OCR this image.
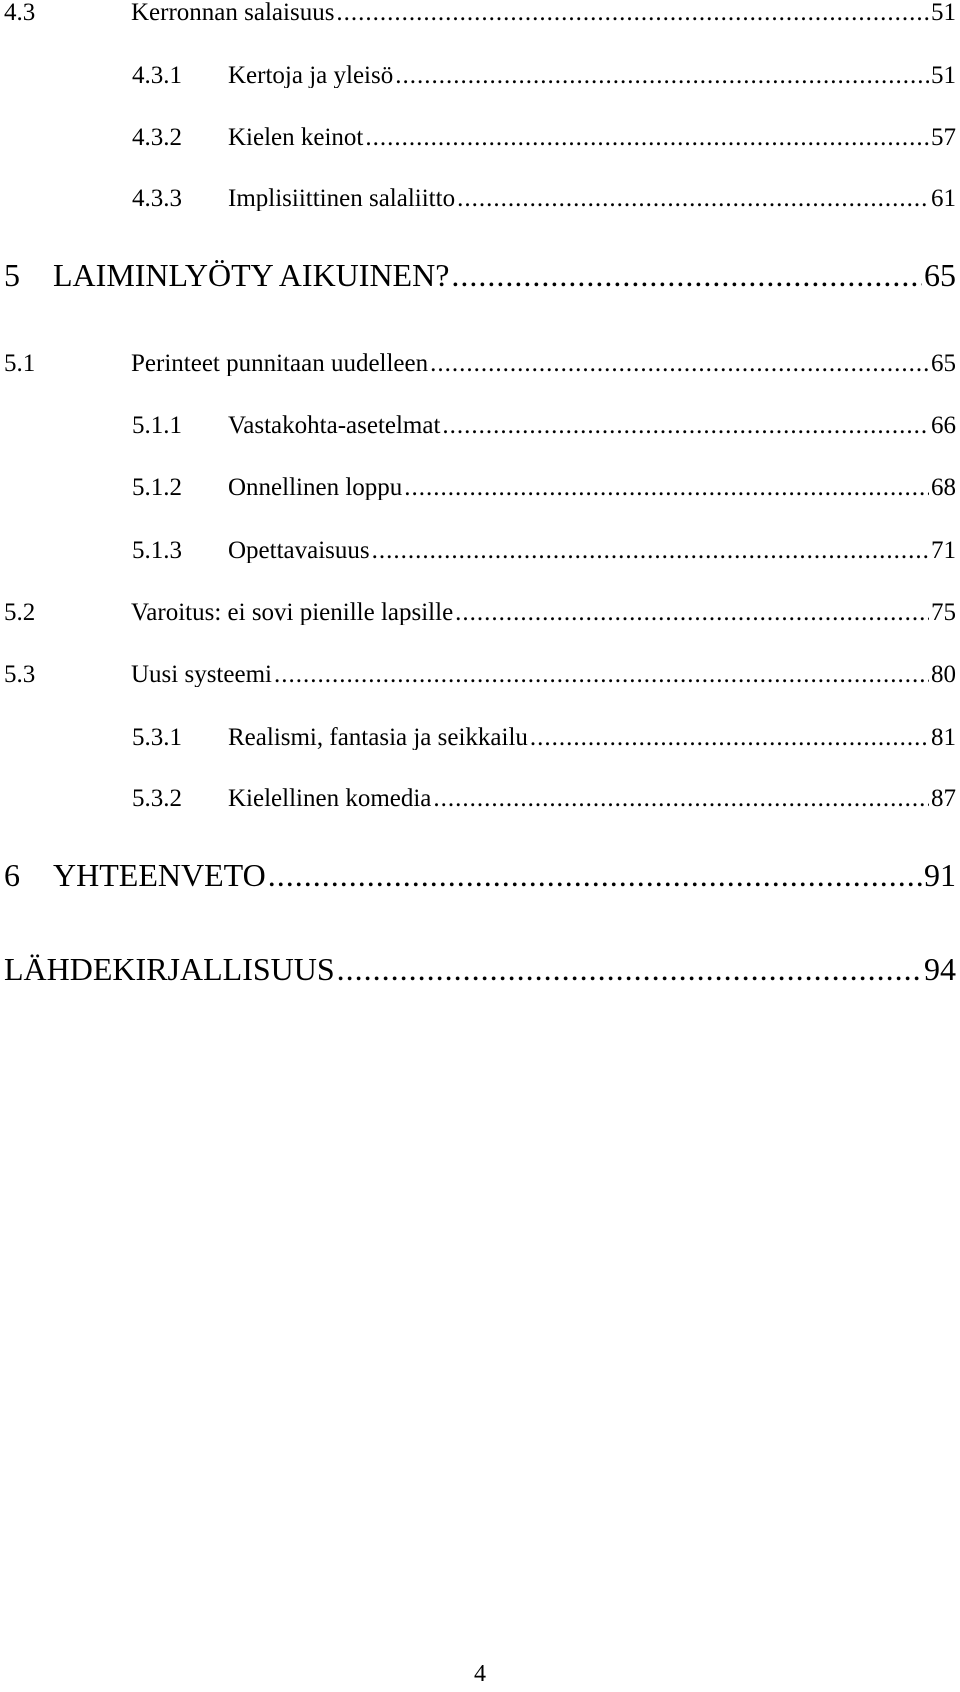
4.3	Kerronnan salaisuus .....	51
4.3.1	Kertoja ja yleisö .....	51
4.3.2	Kielen keinot .....	57
4.3.3	Implisiittinen salaliitto .....	61
5	LAIMINLYÖTY AIKUINEN? .....	65
5.1	Perinteet punnitaan uudelleen .....	65
5.1.1	Vastakohta-asetelmat .....	66
5.1.2	Onnellinen loppu .....	68
5.1.3	Opettavaisuus .....	71
5.2	Varoitus: ei sovi pienille lapsille .....	75
5.3	Uusi systeemi .....	80
5.3.1	Realismi, fantasia ja seikkailu .....	81
5.3.2	Kielellinen komedia .....	87
6	YHTEENVETO .....	91
LÄHDEKIRJALLISUUS .....	94
4
